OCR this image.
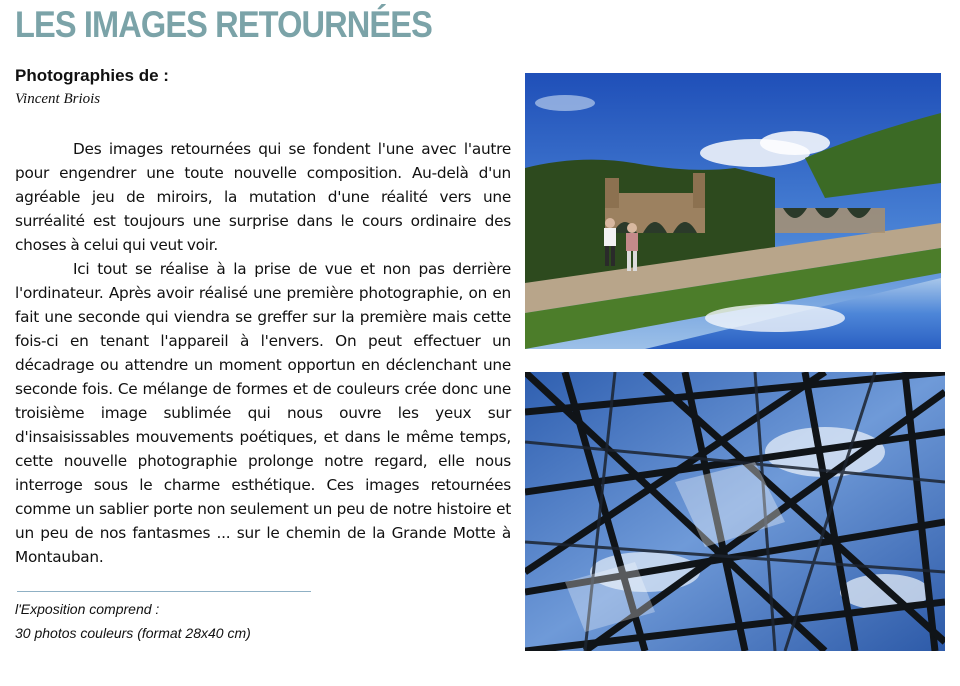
LES IMAGES RETOURNÉES
Photographies de :
Vincent Briois

Des images retournées qui se fondent l'une avec l'autre pour engendrer une toute nouvelle composition. Au-delà d'un agréable jeu de miroirs, la mutation d'une réalité vers une surréalité est toujours une surprise dans le cours ordinaire des choses à celui qui veut voir.

Ici tout se réalise à la prise de vue et non pas derrière l'ordinateur. Après avoir réalisé une première photographie, on en fait une seconde qui viendra se greffer sur la première mais cette fois-ci en tenant l'appareil à l'envers. On peut effectuer un décadrage ou attendre un moment opportun en déclenchant une seconde fois. Ce mélange de formes et de couleurs crée donc une troisième image sublimée qui nous ouvre les yeux sur d'insaisissables mouvements poétiques, et dans le même temps, cette nouvelle photographie prolonge notre regard, elle nous interroge sous le charme esthétique. Ces images retournées comme un sablier porte non seulement un peu de notre histoire et un peu de nos fantasmes ... sur le chemin de la Grande Motte à Montauban.

l'Exposition comprend :
30 photos couleurs (format 28x40 cm)
